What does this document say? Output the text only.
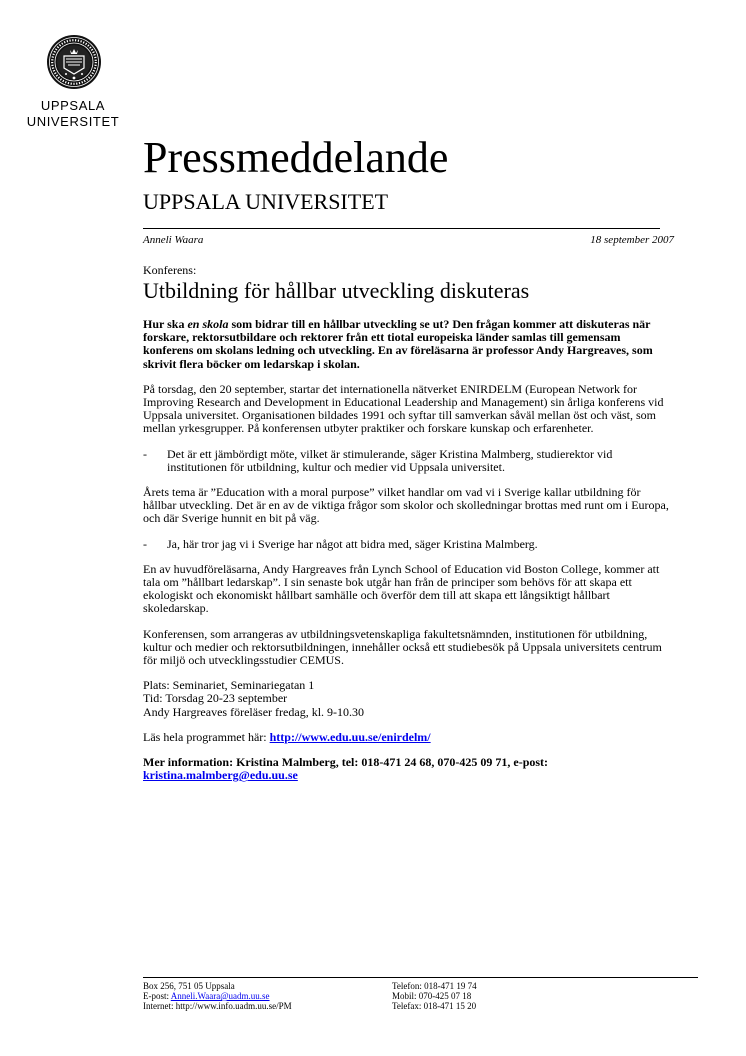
UPPSALA
UNIVERSITET
Pressmeddelande
UPPSALA UNIVERSITET
Anneli Waara	18 september 2007

Konferens:

Utbildning för hållbar utveckling diskuteras

Hur ska en skola som bidrar till en hållbar utveckling se ut? Den frågan kommer att diskuteras när forskare, rektorsutbildare och rektorer från ett tiotal europeiska länder samlas till gemensam konferens om skolans ledning och utveckling. En av föreläsarna är professor Andy Hargreaves, som skrivit flera böcker om ledarskap i skolan.

På torsdag, den 20 september, startar det internationella nätverket ENIRDELM (European Network for Improving Research and Development in Educational Leadership and Management) sin årliga konferens vid Uppsala universitet. Organisationen bildades 1991 och syftar till samverkan såväl mellan öst och väst, som mellan yrkesgrupper. På konferensen utbyter praktiker och forskare kunskap och erfarenheter.

-	Det är ett jämbördigt möte, vilket är stimulerande, säger Kristina Malmberg, studierektor vid institutionen för utbildning, kultur och medier vid Uppsala universitet.

Årets tema är ”Education with a moral purpose” vilket handlar om vad vi i Sverige kallar utbildning för hållbar utveckling. Det är en av de viktiga frågor som skolor och skolledningar brottas med runt om i Europa, och där Sverige hunnit en bit på väg.

-	Ja, här tror jag vi i Sverige har något att bidra med, säger Kristina Malmberg.

En av huvudföreläsarna, Andy Hargreaves från Lynch School of Education vid Boston College, kommer att tala om ”hållbart ledarskap”. I sin senaste bok utgår han från de principer som behövs för att skapa ett ekologiskt och ekonomiskt hållbart samhälle och överför dem till att skapa ett långsiktigt hållbart skoledarskap.

Konferensen, som arrangeras av utbildningsvetenskapliga fakultetsnämnden, institutionen för utbildning, kultur och medier och rektorsutbildningen, innehåller också ett studiebesök på Uppsala universitets centrum för miljö och utvecklingsstudier CEMUS.

Plats: Seminariet, Seminariegatan 1
Tid: Torsdag 20-23 september
Andy Hargreaves föreläser fredag, kl. 9-10.30

Läs hela programmet här: http://www.edu.uu.se/enirdelm/

Mer information: Kristina Malmberg, tel: 018-471 24 68, 070-425 09 71, e-post:
kristina.malmberg@edu.uu.se

Box 256, 751 05 Uppsala
E-post: Anneli.Waara@uadm.uu.se
Internet: http://www.info.uadm.uu.se/PM
Telefon: 018-471 19 74
Mobil: 070-425 07 18
Telefax: 018-471 15 20
